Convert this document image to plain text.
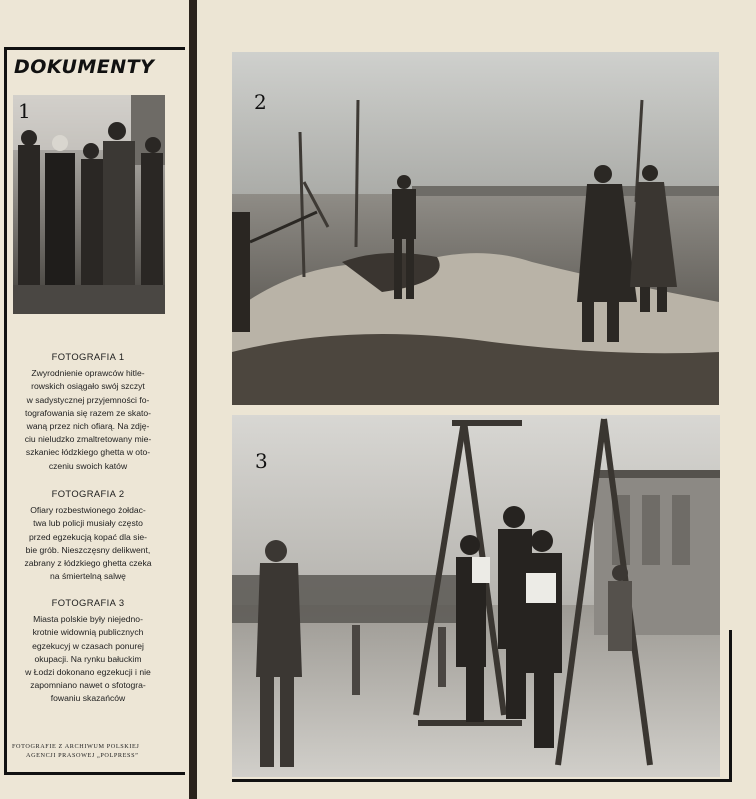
DOKUMENTY
1
FOTOGRAFIA 1
Zwyrodnienie oprawców hitle-
rowskich osiągało swój szczyt
w sadystycznej przyjemności fo-
tografowania się razem ze skato-
waną przez nich ofiarą. Na zdję-
ciu nieludzko zmaltretowany mie-
szkaniec łódzkiego ghetta w oto-
czeniu swoich katów
FOTOGRAFIA 2
Ofiary rozbestwionego żołdac-
twa lub policji musiały często
przed egzekucją kopać dla sie-
bie grób. Nieszczęsny delikwent,
zabrany z łódzkiego ghetta czeka
na śmiertelną salwę
FOTOGRAFIA 3
Miasta polskie były niejedno-
krotnie widownią publicznych
egzekucyj w czasach ponurej
okupacji. Na rynku bałuckim
w Łodzi dokonano egzekucji i nie
zapomniano nawet o sfotogra-
fowaniu skazańców
FOTOGRAFIE Z ARCHIWUM POLSKIEJ
AGENCJI PRASOWEJ „POLPRESS”
2
3
